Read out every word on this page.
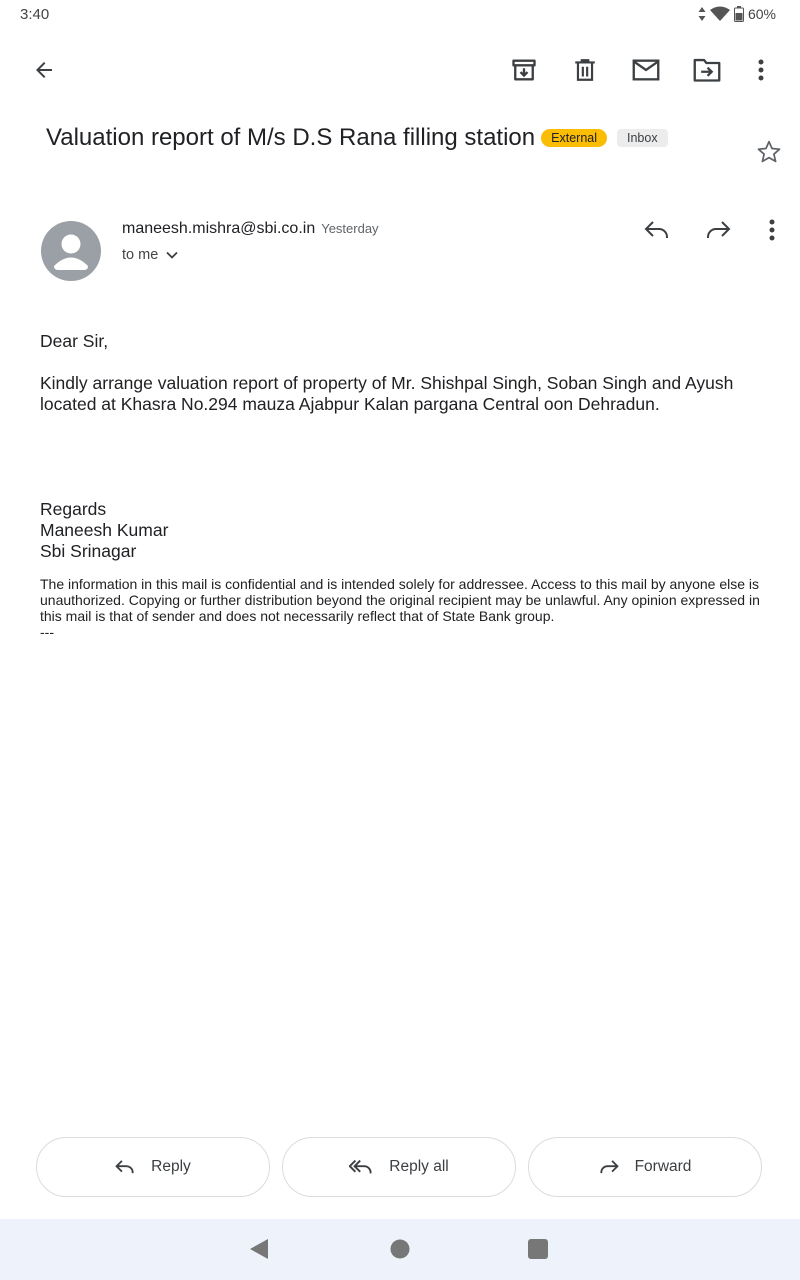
3:40	60%
Valuation report of M/s D.S Rana filling station	External	Inbox
maneesh.mishra@sbi.co.in Yesterday
to me

Dear Sir,

Kindly arrange valuation report of property of Mr. Shishpal Singh, Soban Singh and Ayush located at Khasra No.294 mauza Ajabpur Kalan pargana Central oon Dehradun.

Regards

Maneesh Kumar

Sbi Srinagar

The information in this mail is confidential and is intended solely for addressee. Access to this mail by anyone else is unauthorized. Copying or further distribution beyond the original recipient may be unlawful. Any opinion expressed in this mail is that of sender and does not necessarily reflect that of State Bank group.

---

Reply	Reply all	Forward
